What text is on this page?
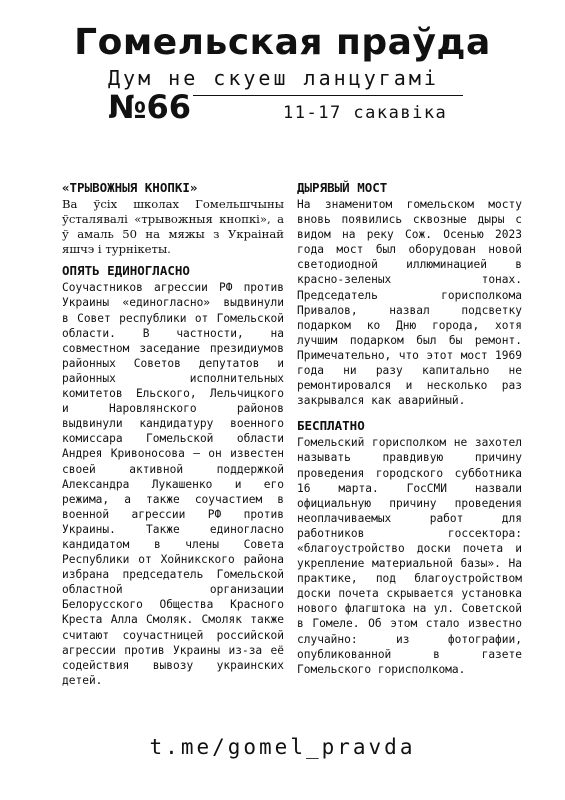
Гомельская праўда
Дум не скуеш ланцугамі
№66	11-17 сакавіка
«ТРЫВОЖНЫЯ КНОПКІ»

Ва ўсіх школах Гомельшчыны ўсталявалі «трывожныя кнопкі», а ў амаль 50 на мяжы з Украінай яшчэ і турнікеты.

ОПЯТЬ ЕДИНОГЛАСНО

Соучастников агрессии РФ против Украины «единогласно» выдвинули в Совет республики от Гомельской области. В частности, на совместном заседание президиумов районных Советов депутатов и районных исполнительных комитетов Ельского, Лельчицкого и Наровлянского районов выдвинули кандидатуру военного комиссара Гомельской области Андрея Кривоносова — он известен своей активной поддержкой Александра Лукашенко и его режима, а также соучастием в военной агрессии РФ против Украины. Также единогласно кандидатом в члены Совета Республики от Хойникского района избрана председатель Гомельской областной организации Белорусского Общества Красного Креста Алла Смоляк. Смоляк также считают соучастницей российской агрессии против Украины из-за её содействия вывозу украинских детей.

ДЫРЯВЫЙ МОСТ

На знаменитом гомельском мосту вновь появились сквозные дыры с видом на реку Сож. Осенью 2023 года мост был оборудован новой светодиодной иллюминацией в красно-зеленых тонах. Председатель горисполкома Привалов, назвал подсветку подарком ко Дню города, хотя лучшим подарком был бы ремонт. Примечательно, что этот мост 1969 года ни разу капитально не ремонтировался и несколько раз закрывался как аварийный.

БЕСПЛАТНО

Гомельский горисполком не захотел называть правдивую причину проведения городского субботника 16 марта. ГосСМИ назвали официальную причину проведения неоплачиваемых работ для работников госсектора: «благоустройство доски почета и укрепление материальной базы». На практике, под благоустройством доски почета скрывается установка нового флагштока на ул. Советской в Гомеле. Об этом стало известно случайно: из фотографии, опубликованной в газете Гомельского горисполкома.

t.me/gomel_pravda
